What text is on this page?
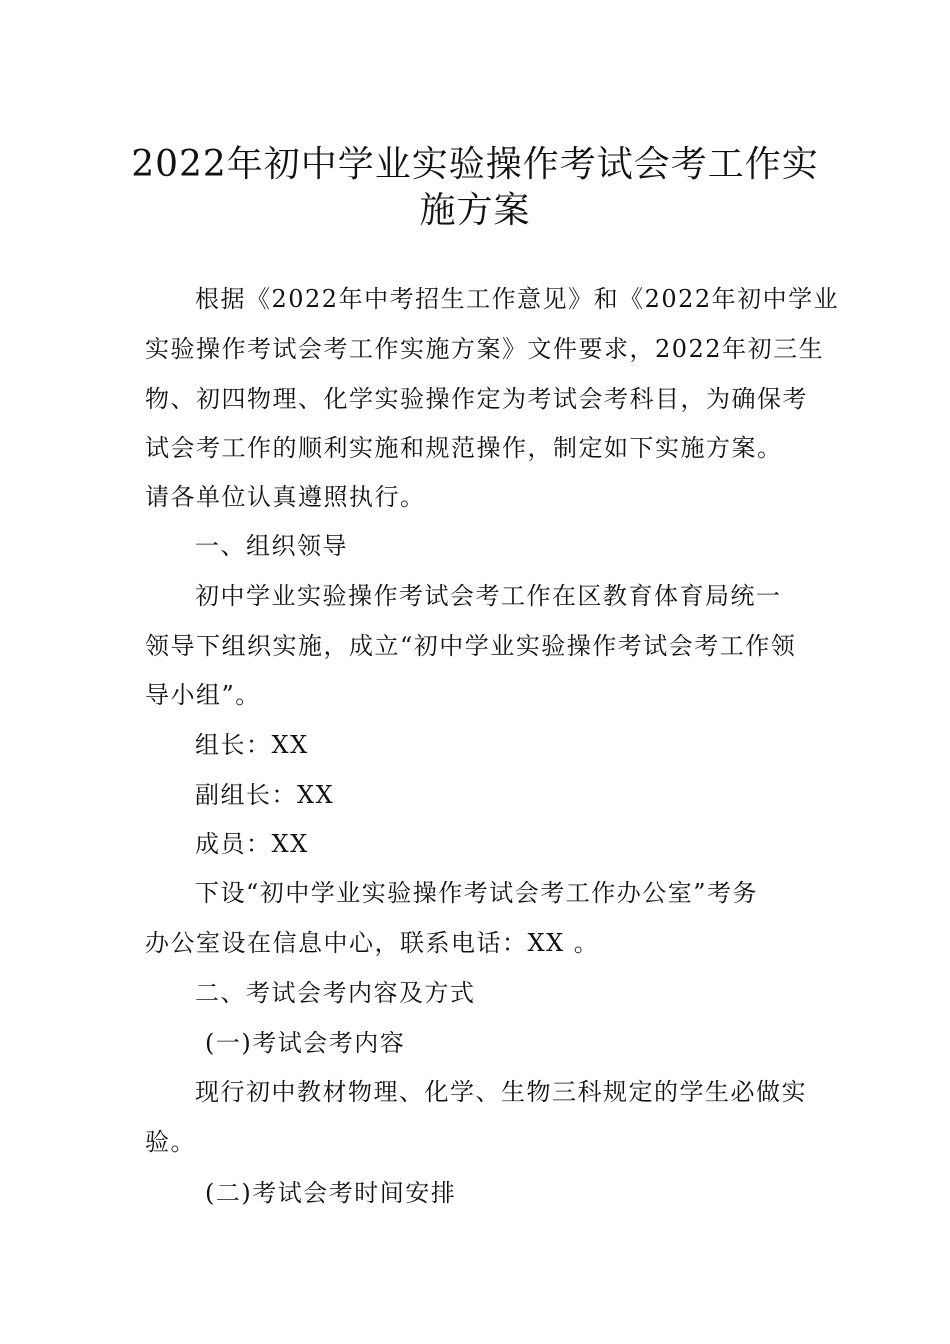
2022年初中学业实验操作考试会考工作实
施方案
根据《2022年中考招生工作意见》和《2022年初中学业
实验操作考试会考工作实施方案》文件要求，2022年初三生
物、初四物理、化学实验操作定为考试会考科目，为确保考
试会考工作的顺利实施和规范操作，制定如下实施方案。
请各单位认真遵照执行。
一、组织领导
初中学业实验操作考试会考工作在区教育体育局统一
领导下组织实施，成立“初中学业实验操作考试会考工作领
导小组”。
组长：XX
副组长：XX
成员：XX
下设“初中学业实验操作考试会考工作办公室”考务
办公室设在信息中心，联系电话：XX 。
二、考试会考内容及方式
(一)考试会考内容
现行初中教材物理、化学、生物三科规定的学生必做实
验。
(二)考试会考时间安排
